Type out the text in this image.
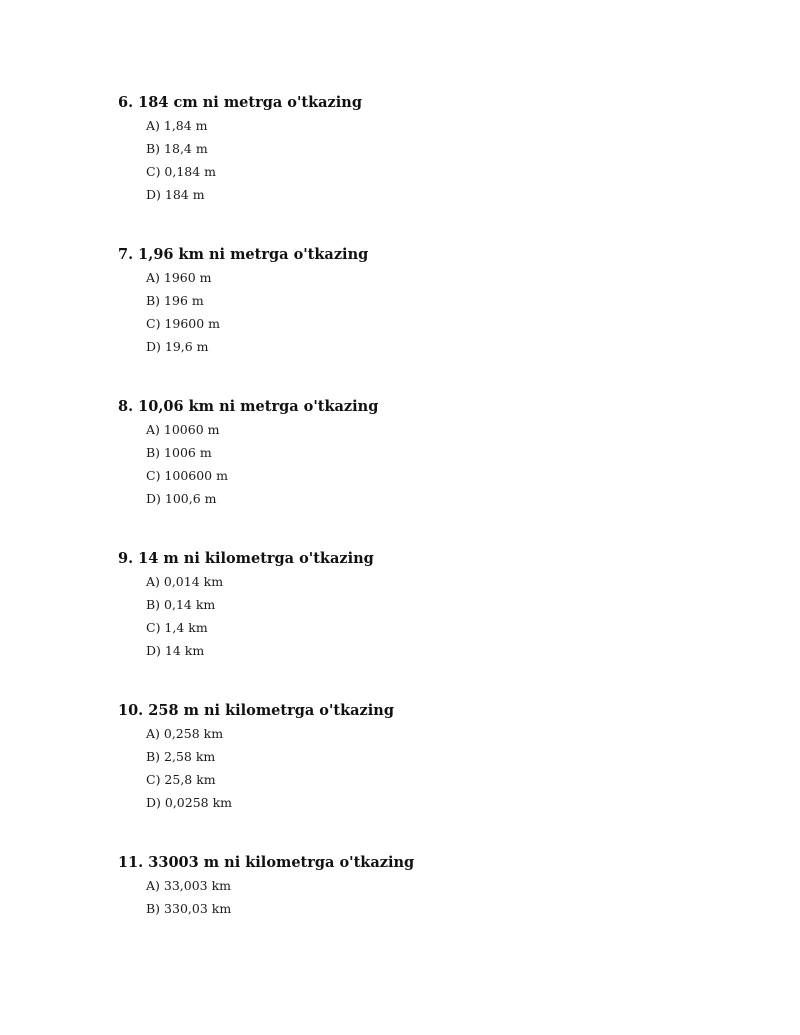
6. 184 cm ni metrga o'tkazing

A) 1,84 m
B) 18,4 m
C) 0,184 m
D) 184 m

7. 1,96 km ni metrga o'tkazing

A) 1960 m
B) 196 m
C) 19600 m
D) 19,6 m

8. 10,06 km ni metrga o'tkazing

A) 10060 m
B) 1006 m
C) 100600 m
D) 100,6 m

9. 14 m ni kilometrga o'tkazing

A) 0,014 km
B) 0,14 km
C) 1,4 km
D) 14 km

10. 258 m ni kilometrga o'tkazing

A) 0,258 km
B) 2,58 km
C) 25,8 km
D) 0,0258 km

11. 33003 m ni kilometrga o'tkazing

A) 33,003 km
B) 330,03 km
